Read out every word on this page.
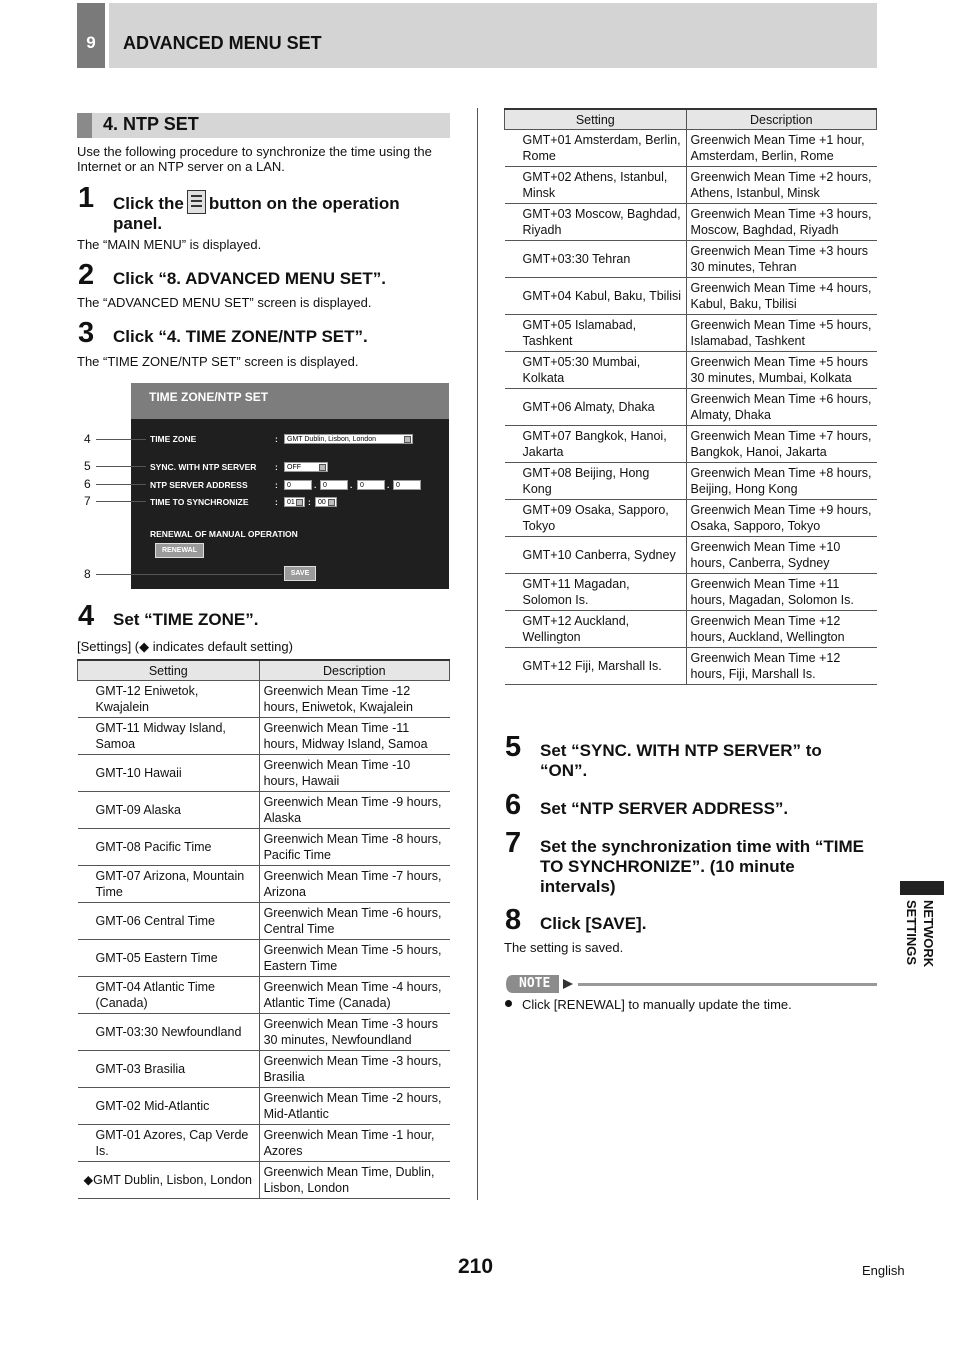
9	ADVANCED MENU SET
4. NTP SET
Use the following procedure to synchronize the time using the Internet or an NTP server on a LAN.
1 Click the button on the operation
panel.
The “MAIN MENU” is displayed.
2 Click “8. ADVANCED MENU SET”.
The “ADVANCED MENU SET” screen is displayed.
3 Click “4. TIME ZONE/NTP SET”.
The “TIME ZONE/NTP SET” screen is displayed.
TIME ZONE/NTP SET
TIME ZONE	:	GMT Dublin, Lisbon, London
SYNC. WITH NTP SERVER :	OFF
NTP SERVER ADDRESS	:	0	. 0	.	0	. 0
TIME TO SYNCHRONIZE	:	01	:	00
RENEWAL OF MANUAL OPERATION
RENEWAL
SAVE
4
5
6
7
8
4 Set “TIME ZONE”.
[Settings] (◆ indicates default setting)
Setting	Description
GMT-12 Eniwetok, Kwajalein	Greenwich Mean Time -12 hours, Eniwetok, Kwajalein
GMT-11 Midway Island, Samoa	Greenwich Mean Time -11 hours, Midway Island, Samoa
GMT-10 Hawaii	Greenwich Mean Time -10 hours, Hawaii
GMT-09 Alaska	Greenwich Mean Time -9 hours, Alaska
GMT-08 Pacific Time	Greenwich Mean Time -8 hours, Pacific Time
GMT-07 Arizona, Mountain Time	Greenwich Mean Time -7 hours, Arizona
GMT-06 Central Time	Greenwich Mean Time -6 hours, Central Time
GMT-05 Eastern Time	Greenwich Mean Time -5 hours, Eastern Time
GMT-04 Atlantic Time (Canada)	Greenwich Mean Time -4 hours, Atlantic Time (Canada)
GMT-03:30 Newfoundland	Greenwich Mean Time -3 hours 30 minutes, Newfoundland
GMT-03 Brasilia	Greenwich Mean Time -3 hours, Brasilia
GMT-02 Mid-Atlantic	Greenwich Mean Time -2 hours, Mid-Atlantic
GMT-01 Azores, Cap Verde Is.	Greenwich Mean Time -1 hour, Azores
◆GMT Dublin, Lisbon, London	Greenwich Mean Time, Dublin, Lisbon, London
Setting	Description
GMT+01 Amsterdam, Berlin, Rome	Greenwich Mean Time +1 hour, Amsterdam, Berlin, Rome
GMT+02 Athens, Istanbul, Minsk	Greenwich Mean Time +2 hours, Athens, Istanbul, Minsk
GMT+03 Moscow, Baghdad, Riyadh	Greenwich Mean Time +3 hours, Moscow, Baghdad, Riyadh
GMT+03:30 Tehran	Greenwich Mean Time +3 hours 30 minutes, Tehran
GMT+04 Kabul, Baku, Tbilisi	Greenwich Mean Time +4 hours, Kabul, Baku, Tbilisi
GMT+05 Islamabad, Tashkent	Greenwich Mean Time +5 hours, Islamabad, Tashkent
GMT+05:30 Mumbai, Kolkata	Greenwich Mean Time +5 hours 30 minutes, Mumbai, Kolkata
GMT+06 Almaty, Dhaka	Greenwich Mean Time +6 hours, Almaty, Dhaka
GMT+07 Bangkok, Hanoi, Jakarta	Greenwich Mean Time +7 hours, Bangkok, Hanoi, Jakarta
GMT+08 Beijing, Hong Kong	Greenwich Mean Time +8 hours, Beijing, Hong Kong
GMT+09 Osaka, Sapporo, Tokyo	Greenwich Mean Time +9 hours, Osaka, Sapporo, Tokyo
GMT+10 Canberra, Sydney	Greenwich Mean Time +10 hours, Canberra, Sydney
GMT+11 Magadan, Solomon Is.	Greenwich Mean Time +11 hours, Magadan, Solomon Is.
GMT+12 Auckland, Wellington	Greenwich Mean Time +12 hours, Auckland, Wellington
GMT+12 Fiji, Marshall Is.	Greenwich Mean Time +12 hours, Fiji, Marshall Is.
5 Set “SYNC. WITH NTP SERVER” to
“ON”.
6 Set “NTP SERVER ADDRESS”.
7 Set the synchronization time with “TIME
TO SYNCHRONIZE”. (10 minute
intervals)
8 Click [SAVE].
The setting is saved.
NOTE
Click [RENEWAL] to manually update the time.
NETWORK
SETTINGS
210	English
